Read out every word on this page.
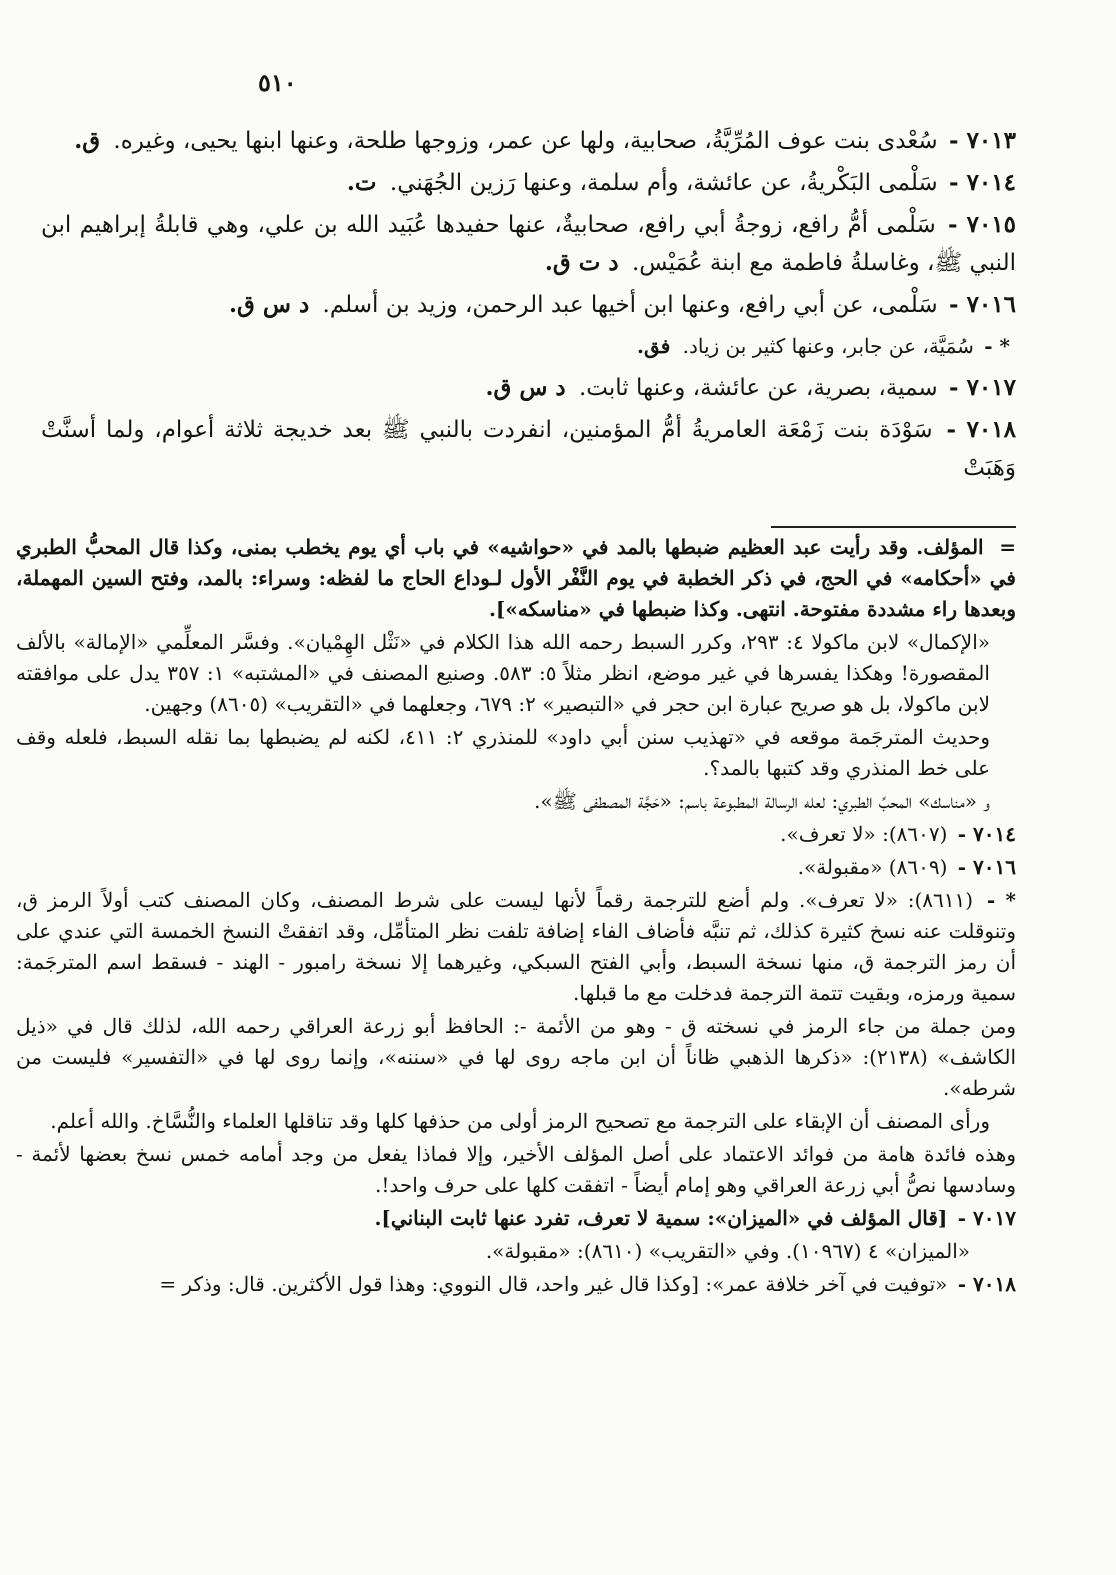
٥١٠

٧٠١٣ - سُعْدى بنت عوف المُرِّيَّةُ، صحابية، ولها عن عمر، وزوجها طلحة، وعنها ابنها يحيى، وغيره. ق.

٧٠١٤ - سَلْمى البَكْريةُ، عن عائشة، وأم سلمة، وعنها رَزين الجُهَني. ت.

٧٠١٥ - سَلْمى أمُّ رافع، زوجةُ أبي رافع، صحابيةٌ، عنها حفيدها عُبَيد الله بن علي، وهي قابلةُ إبراهيم ابن النبي ﷺ، وغاسلةُ فاطمة مع ابنة عُمَيْس. د ت ق.

٧٠١٦ - سَلْمى، عن أبي رافع، وعنها ابن أخيها عبد الرحمن، وزيد بن أسلم. د س ق.

* - سُمَيَّة، عن جابر، وعنها كثير بن زياد. فق.

٧٠١٧ - سمية، بصرية، عن عائشة، وعنها ثابت. د س ق.

٧٠١٨ - سَوْدَة بنت زَمْعَة العامريةُ أمُّ المؤمنين، انفردت بالنبي ﷺ بعد خديجة ثلاثة أعوام، ولما أسنَّتْ وَهَبَتْ

= المؤلف. وقد رأيت عبد العظيم ضبطها بالمد في «حواشيه» في باب أي يوم يخطب بمنى، وكذا قال المحبُّ الطبري في «أحكامه» في الحج، في ذكر الخطبة في يوم النَّفْر الأول لـوداع الحاج ما لفظه: وسراء: بالمد، وفتح السين المهملة، وبعدها راء مشددة مفتوحة. انتهى. وكذا ضبطها في «مناسكه»].

«الإكمال» لابن ماكولا ٤: ٢٩٣، وكرر السبط رحمه الله هذا الكلام في «نَثْل الهِمْيان». وفسَّر المعلِّمي «الإمالة» بالألف المقصورة! وهكذا يفسرها في غير موضع، انظر مثلاً ٥: ٥٨٣. وصنيع المصنف في «المشتبه» ١: ٣٥٧ يدل على موافقته لابن ماكولا، بل هو صريح عبارة ابن حجر في «التبصير» ٢: ٦٧٩، وجعلهما في «التقريب» (٨٦٠٥) وجهين.

وحديث المترجَمة موقعه في «تهذيب سنن أبي داود» للمنذري ٢: ٤١١، لكنه لم يضبطها بما نقله السبط، فلعله وقف على خط المنذري وقد كتبها بالمد؟.

و «مناسك» المحبِّ الطبري: لعله الرسالة المطبوعة باسم: «حَجَّة المصطفى ﷺ».

٧٠١٤ - (٨٦٠٧): «لا تعرف».

٧٠١٦ - (٨٦٠٩) «مقبولة».

* - (٨٦١١): «لا تعرف». ولم أضع للترجمة رقماً لأنها ليست على شرط المصنف، وكان المصنف كتب أولاً الرمز ق، وتنوقلت عنه نسخ كثيرة كذلك، ثم تنبَّه فأضاف الفاء إضافة تلفت نظر المتأمِّل، وقد اتفقتْ النسخ الخمسة التي عندي على أن رمز الترجمة ق، منها نسخة السبط، وأبي الفتح السبكي، وغيرهما إلا نسخة رامبور - الهند - فسقط اسم المترجَمة: سمية ورمزه، وبقيت تتمة الترجمة فدخلت مع ما قبلها.

ومن جملة من جاء الرمز في نسخته ق - وهو من الأئمة -: الحافظ أبو زرعة العراقي رحمه الله، لذلك قال في «ذيل الكاشف» (٢١٣٨): «ذكرها الذهبي ظاناً أن ابن ماجه روى لها في «سننه»، وإنما روى لها في «التفسير» فليست من شرطه».

ورأى المصنف أن الإبقاء على الترجمة مع تصحيح الرمز أولى من حذفها كلها وقد تناقلها العلماء والنُّسَّاخ. والله أعلم.

وهذه فائدة هامة من فوائد الاعتماد على أصل المؤلف الأخير، وإلا فماذا يفعل من وجد أمامه خمس نسخ بعضها لأئمة - وسادسها نصُّ أبي زرعة العراقي وهو إمام أيضاً - اتفقت كلها على حرف واحد!.

٧٠١٧ - [قال المؤلف في «الميزان»: سمية لا تعرف، تفرد عنها ثابت البناني].

«الميزان» ٤ (١٠٩٦٧). وفي «التقريب» (٨٦١٠): «مقبولة».

٧٠١٨ - «توفيت في آخر خلافة عمر»: [وكذا قال غير واحد، قال النووي: وهذا قول الأكثرين. قال: وذكر =
